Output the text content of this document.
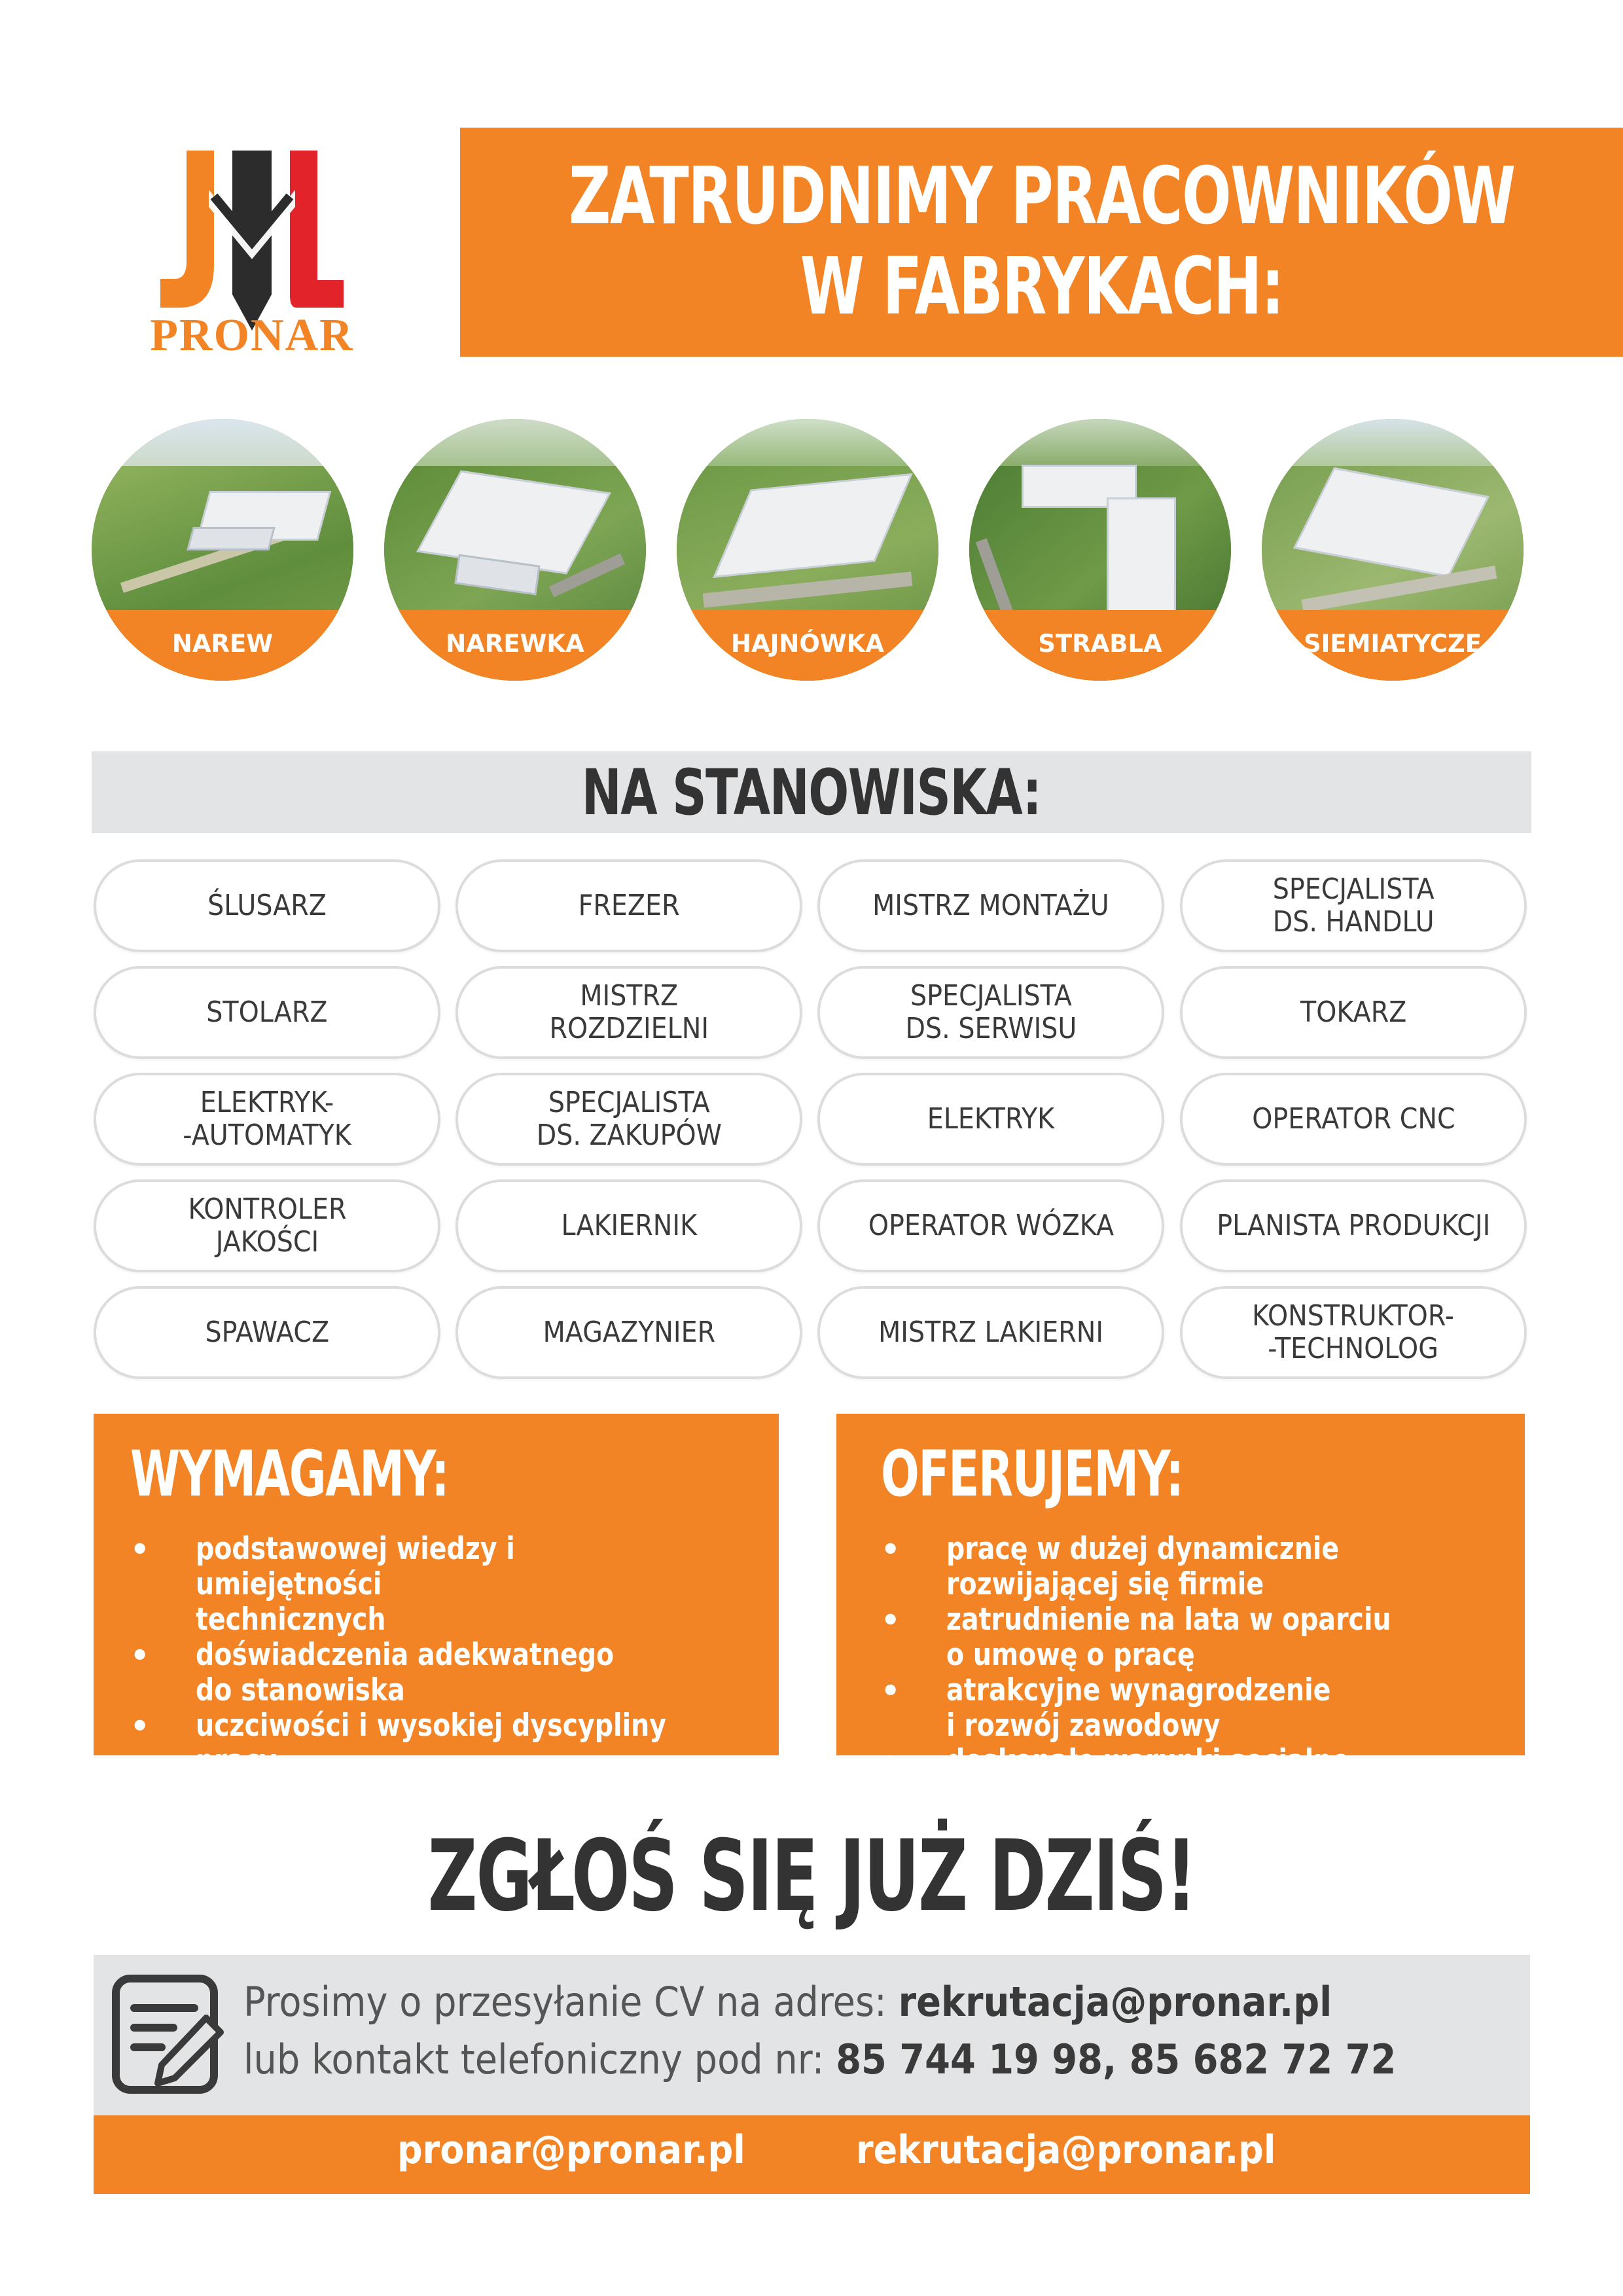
PRONAR
ZATRUDNIMY PRACOWNIKÓW
W FABRYKACH:
NAREW	NAREWKA	HAJNÓWKA	STRABLA	SIEMIATYCZE
NA STANOWISKA:
ŚLUSARZ	FREZER	MISTRZ MONTAŻU	SPECJALISTA
DS. HANDLU
STOLARZ	MISTRZ
ROZDZIELNI
SPECJALISTA
DS. SERWISU	TOKARZ
ELEKTRYK-
-AUTOMATYK
SPECJALISTA
DS. ZAKUPÓW	ELEKTRYK	OPERATOR CNC
KONTROLER
JAKOŚCI	LAKIERNIK	OPERATOR WÓZKA	PLANISTA PRODUKCJI
SPAWACZ	MAGAZYNIER	MISTRZ LAKIERNI	KONSTRUKTOR-
-TECHNOLOG
WYMAGAMY:
• podstawowej wiedzy i umiejętności
technicznych
• doświadczenia adekwatnego
do stanowiska
• uczciwości i wysokiej dyscypliny pracy
• zaangażowania i chęci do pracy
OFERUJEMY:
• pracę w dużej dynamicznie
rozwijającej się firmie
• zatrudnienie na lata w oparciu
o umowę o pracę
• atrakcyjne wynagrodzenie
i rozwój zawodowy
• doskonałe warunki socjalne
ZGŁOŚ SIĘ JUŻ DZIŚ!
Prosimy o przesyłanie CV na adres: rekrutacja@pronar.pl
lub kontakt telefoniczny pod nr: 85 744 19 98, 85 682 72 72
pronar@pronar.pl	rekrutacja@pronar.pl
